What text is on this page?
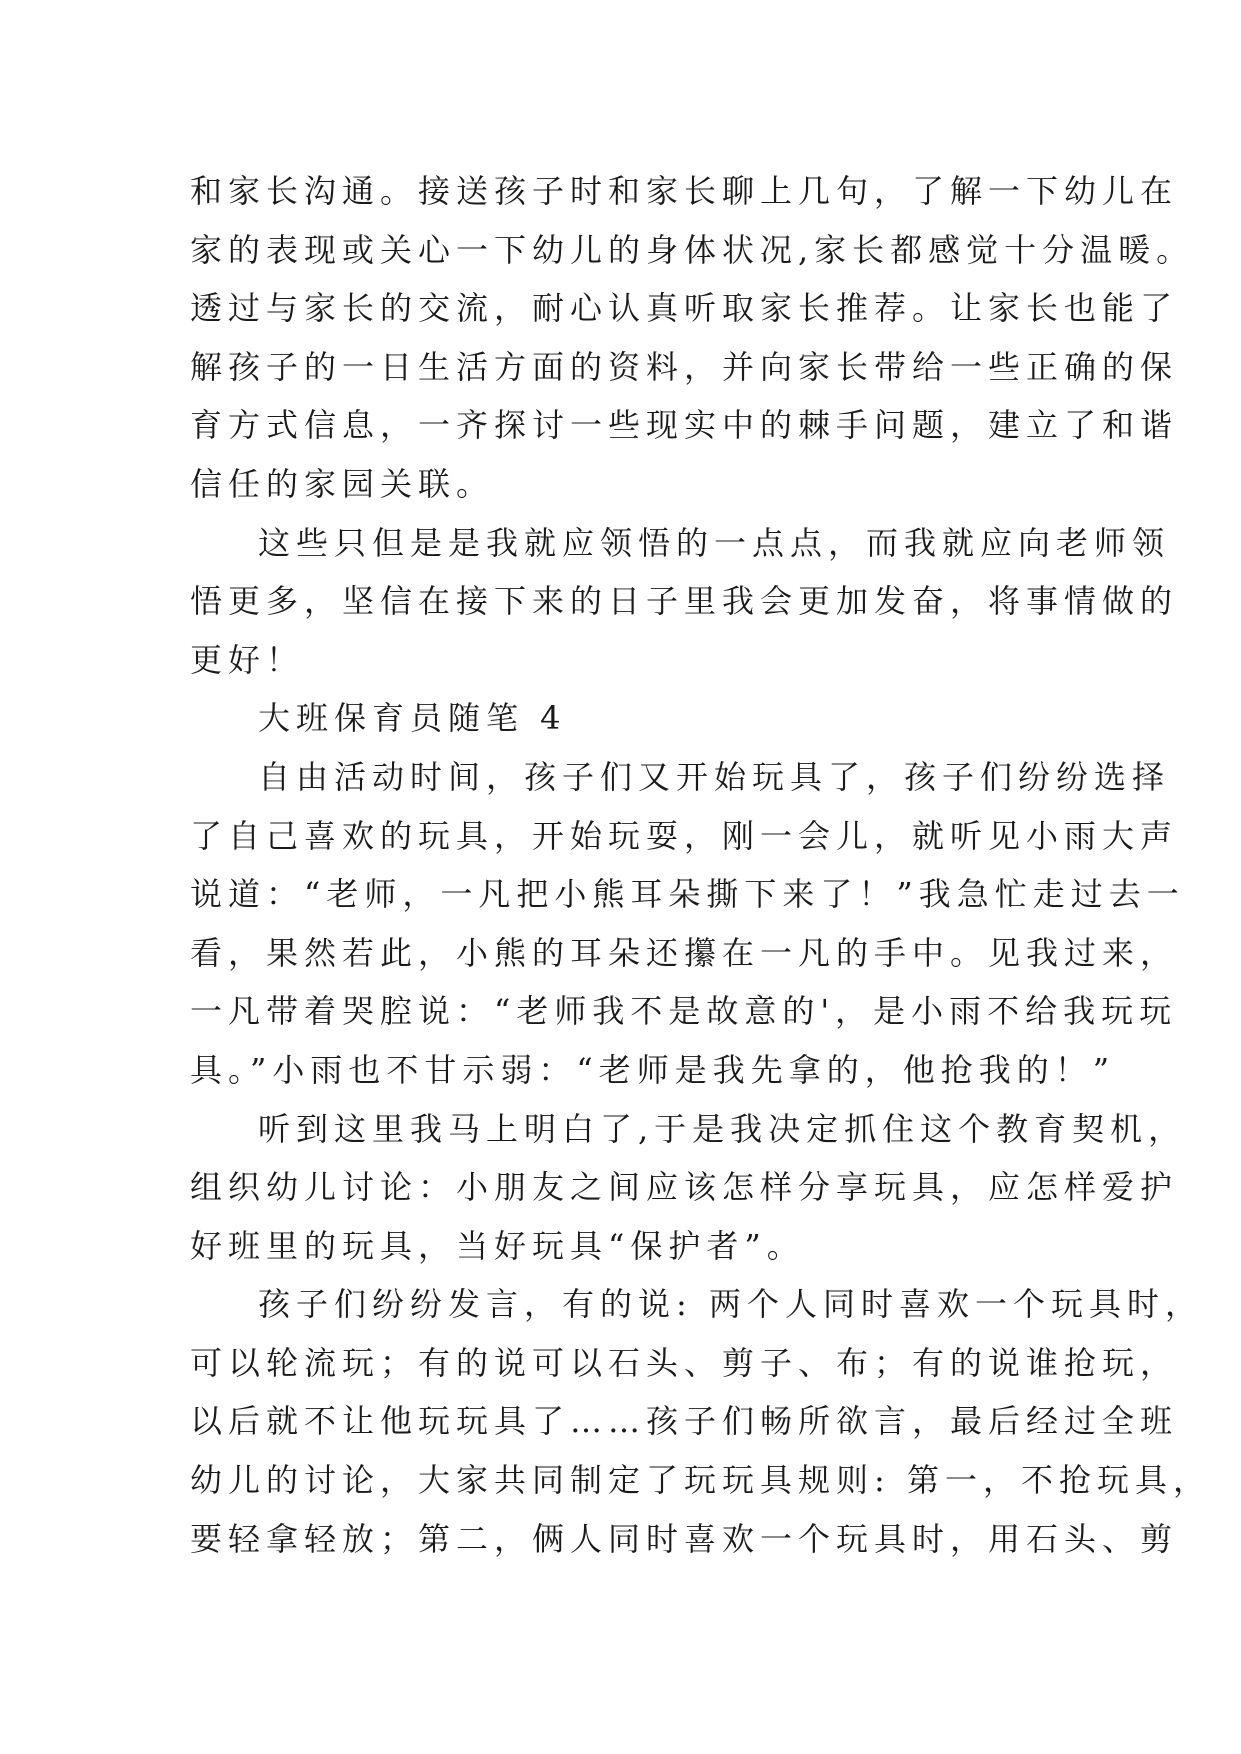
和家长沟通。接送孩子时和家长聊上几句，了解一下幼儿在

家的表现或关心一下幼儿的身体状况,家长都感觉十分温暖。

透过与家长的交流，耐心认真听取家长推荐。让家长也能了

解孩子的一日生活方面的资料，并向家长带给一些正确的保

育方式信息，一齐探讨一些现实中的棘手问题，建立了和谐

信任的家园关联。

这些只但是是我就应领悟的一点点，而我就应向老师领

悟更多，坚信在接下来的日子里我会更加发奋，将事情做的

更好！

大班保育员随笔 4

自由活动时间，孩子们又开始玩具了，孩子们纷纷选择

了自己喜欢的玩具，开始玩耍，刚一会儿，就听见小雨大声

说道：“老师，一凡把小熊耳朵撕下来了！”我急忙走过去一

看，果然若此，小熊的耳朵还攥在一凡的手中。见我过来，

一凡带着哭腔说：“老师我不是故意的'，是小雨不给我玩玩

具。”小雨也不甘示弱：“老师是我先拿的，他抢我的！”

听到这里我马上明白了,于是我决定抓住这个教育契机，

组织幼儿讨论：小朋友之间应该怎样分享玩具，应怎样爱护

好班里的玩具，当好玩具“保护者”。

孩子们纷纷发言，有的说: 两个人同时喜欢一个玩具时，

可以轮流玩；有的说可以石头、剪子、布；有的说谁抢玩，

以后就不让他玩玩具了……孩子们畅所欲言，最后经过全班

幼儿的讨论，大家共同制定了玩玩具规则: 第一，不抢玩具，

要轻拿轻放；第二，俩人同时喜欢一个玩具时，用石头、剪
